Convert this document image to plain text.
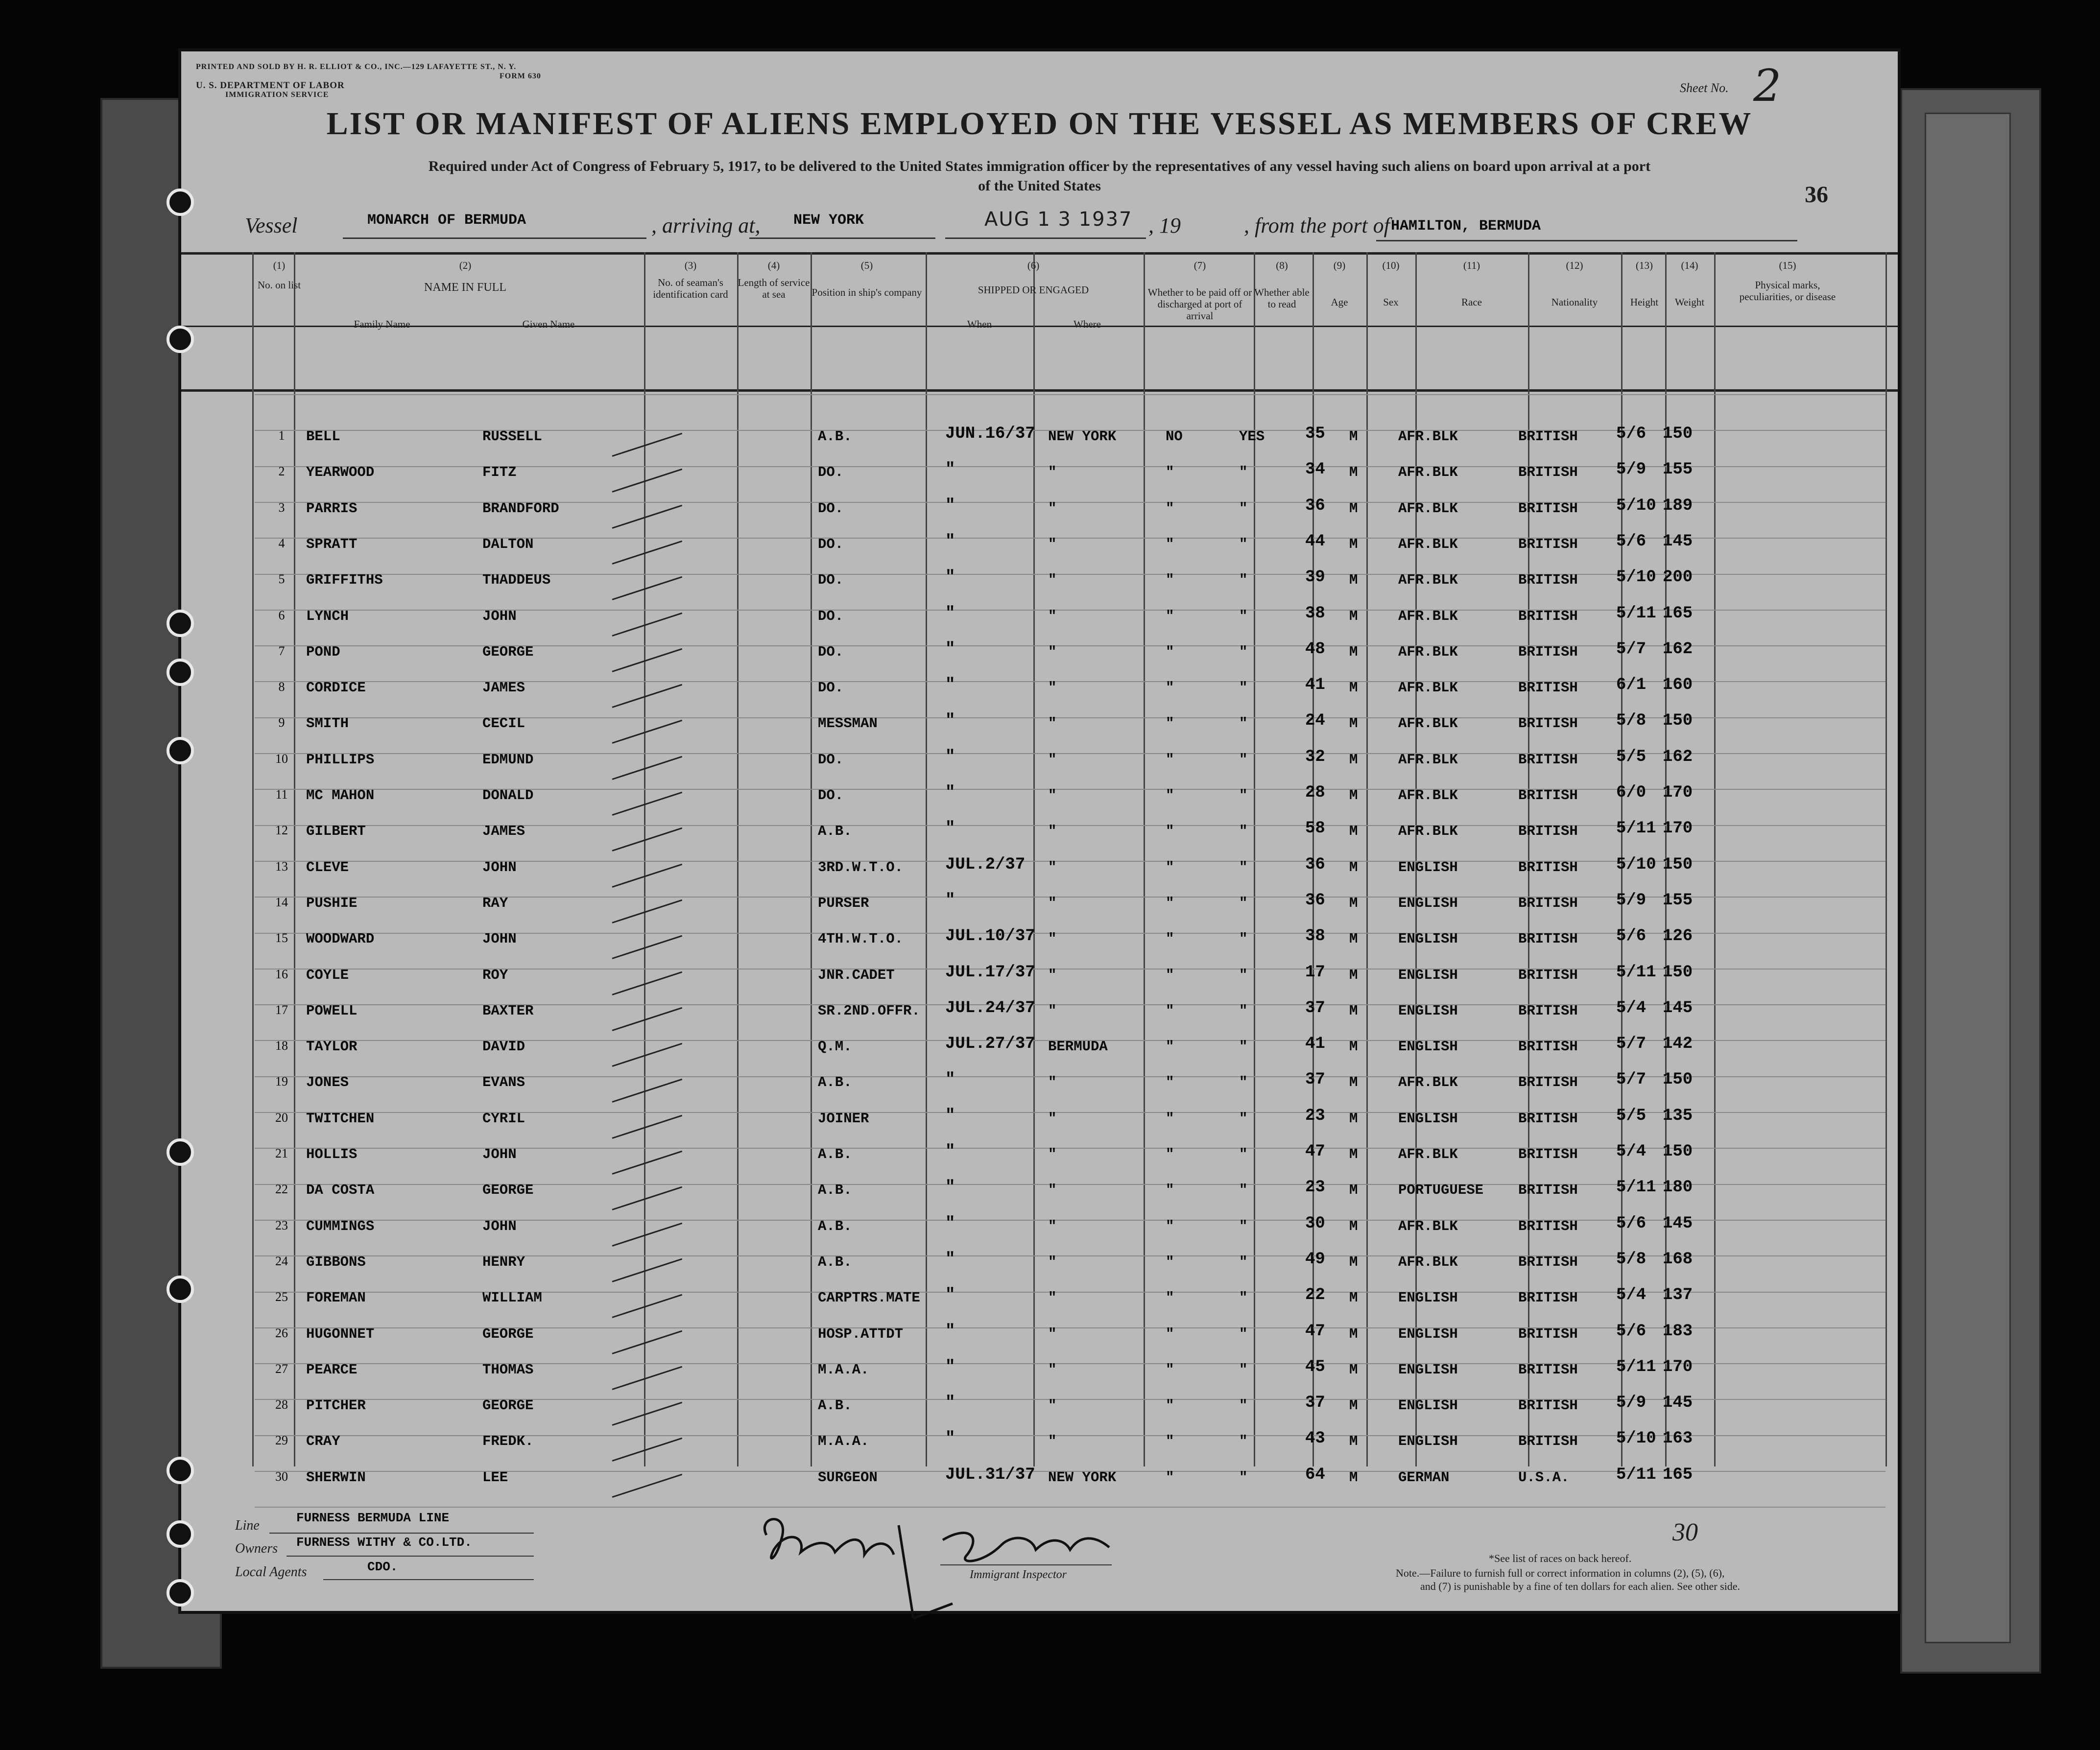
PRINTED AND SOLD BY H. R. ELLIOT & CO., INC.—129 LAFAYETTE ST., N. Y.
FORM 630
U. S. DEPARTMENT OF LABOR
IMMIGRATION SERVICE	Sheet No. 2
LIST OR MANIFEST OF ALIENS EMPLOYED ON THE VESSEL AS MEMBERS OF CREW
Required under Act of Congress of February 5, 1917, to be delivered to the United States immigration officer by the representatives of any vessel having such aliens on board upon arrival at a port
of the United States	36
Vessel	MONARCH OF BERMUDA	, arriving at, NEW YORK	AUG 1 3 1937 , 19	, from the port of HAMILTON, BERMUDA
(1)
No. on list
(2)
NAME IN FULL
Family Name	Given Name
(3)
No. of seaman's identification card
(4)
Length of service at sea
(5)
Position in ship's company
(6)
SHIPPED OR ENGAGED
When	Where
(7)
Whether to be paid off or discharged at port of arrival
(8)
Whether able to read
(9)
Age
(10)
Sex
(11)
Race
(12)
Nationality
(13)
Height
(14)
Weight
(15)
Physical marks, peculiarities, or disease
1	BELL	RUSSELL	A.B.	JUN.16/37 NEW YORK	NO	YES 35 M	AFR.BLK	BRITISH 5/6 150
2	YEARWOOD	FITZ	DO.	"	"	"	"	34 M	AFR.BLK	BRITISH 5/9 155
3	PARRIS	BRANDFORD	DO.	"	"	"	"	36 M	AFR.BLK	BRITISH 5/10 189
4	SPRATT	DALTON	DO.	"	"	"	"	44 M	AFR.BLK	BRITISH 5/6 145
5	GRIFFITHS	THADDEUS	DO.	"	"	"	"	39 M	AFR.BLK	BRITISH 5/10 200
6	LYNCH	JOHN	DO.	"	"	"	"	38 M	AFR.BLK	BRITISH 5/11 165
7	POND	GEORGE	DO.	"	"	"	"	48 M	AFR.BLK	BRITISH 5/7 162
8	CORDICE	JAMES	DO.	"	"	"	"	41 M	AFR.BLK	BRITISH 6/1 160
9	SMITH	CECIL	MESSMAN	"	"	"	"	24 M	AFR.BLK	BRITISH 5/8 150
10	PHILLIPS	EDMUND	DO.	"	"	"	"	32 M	AFR.BLK	BRITISH 5/5 162
11	MC MAHON	DONALD	DO.	"	"	"	"	28 M	AFR.BLK	BRITISH 6/0 170
12	GILBERT	JAMES	A.B.	"	"	"	"	58 M	AFR.BLK	BRITISH 5/11 170
13	CLEVE	JOHN	3RD.W.T.O.	JUL.2/37 "	"	"	36 M	ENGLISH	BRITISH 5/10 150
14	PUSHIE	RAY	PURSER	"	"	"	"	36 M	ENGLISH	BRITISH 5/9 155
15	WOODWARD	JOHN	4TH.W.T.O.	JUL.10/37 "	"	"	38 M	ENGLISH	BRITISH 5/6 126
16	COYLE	ROY	JNR.CADET	JUL.17/37 "	"	"	17 M	ENGLISH	BRITISH 5/11 150
17	POWELL	BAXTER	SR.2ND.OFFR. JUL.24/37 "	"	"	37 M	ENGLISH	BRITISH 5/4 145
18	TAYLOR	DAVID	Q.M.	JUL.27/37 BERMUDA	"	"	41 M	ENGLISH	BRITISH 5/7 142
19	JONES	EVANS	A.B.	"	"	"	"	37 M	AFR.BLK	BRITISH 5/7 150
20	TWITCHEN	CYRIL	JOINER	"	"	"	"	23 M	ENGLISH	BRITISH 5/5 135
21	HOLLIS	JOHN	A.B.	"	"	"	"	47 M	AFR.BLK	BRITISH 5/4 150
22	DA COSTA	GEORGE	A.B.	"	"	"	"	23 M	PORTUGUESE BRITISH 5/11 180
23	CUMMINGS	JOHN	A.B.	"	"	"	"	30 M	AFR.BLK	BRITISH 5/6 145
24	GIBBONS	HENRY	A.B.	"	"	"	"	49 M	AFR.BLK	BRITISH 5/8 168
25	FOREMAN	WILLIAM	CARPTRS.MATE "	"	"	"	22 M	ENGLISH	BRITISH 5/4 137
26	HUGONNET	GEORGE	HOSP.ATTDT	"	"	"	"	47 M	ENGLISH	BRITISH 5/6 183
27	PEARCE	THOMAS	M.A.A.	"	"	"	"	45 M	ENGLISH	BRITISH 5/11 170
28	PITCHER	GEORGE	A.B.	"	"	"	"	37 M	ENGLISH	BRITISH 5/9 145
29	CRAY	FREDK.	M.A.A.	"	"	"	"	43 M	ENGLISH	BRITISH 5/10 163
30	SHERWIN	LEE	SURGEON	JUL.31/37 NEW YORK	"	"	64 M	GERMAN	U.S.A.	5/11 165
Line	FURNESS BERMUDA LINE
Owners FURNESS WITHY & CO.LTD.
Local Agents	CDO.
Immigrant Inspector
*See list of races on back hereof.
Note.—Failure to furnish full or correct information in columns (2), (5), (6),
and (7) is punishable by a fine of ten dollars for each alien. See other side.
30
